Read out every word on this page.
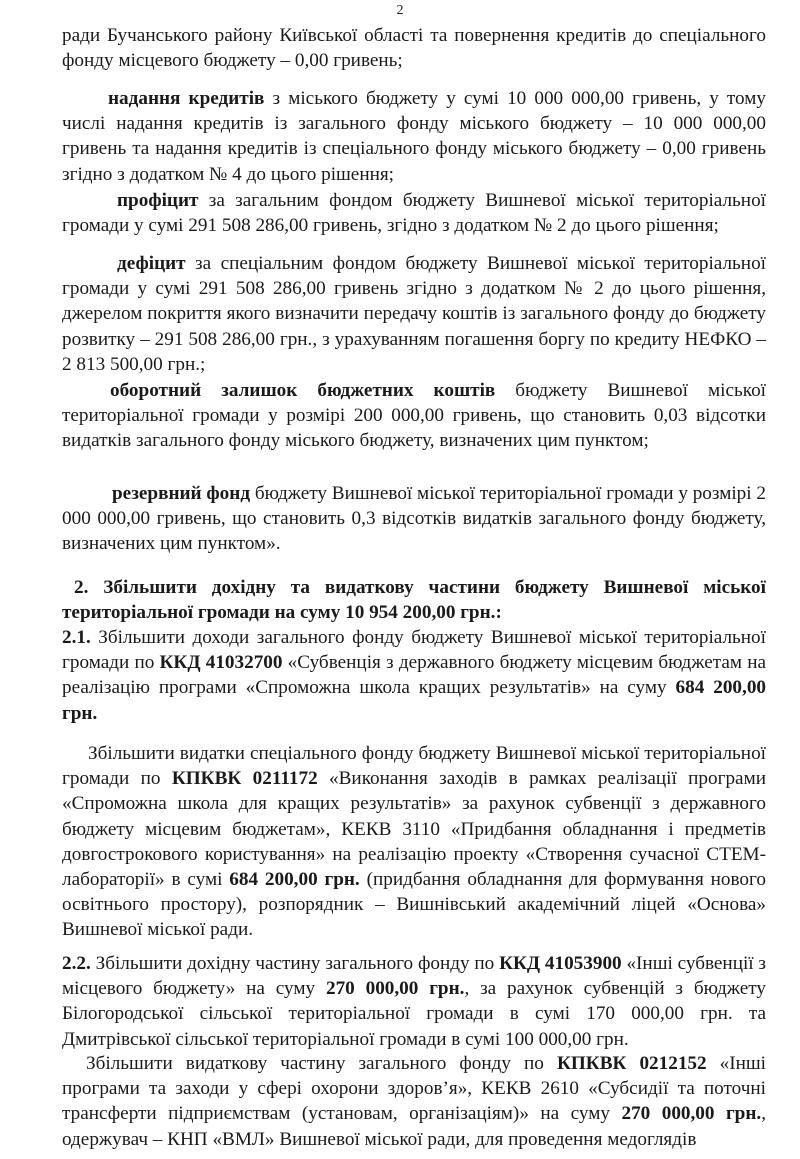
2

ради Бучанського району Київської області та повернення кредитів до спеціального фонду місцевого бюджету – 0,00 гривень;

надання кредитів з міського бюджету у сумі 10 000 000,00 гривень, у тому числі надання кредитів із загального фонду міського бюджету – 10 000 000,00 гривень та надання кредитів із спеціального фонду міського бюджету – 0,00 гривень згідно з додатком № 4 до цього рішення;

профіцит за загальним фондом бюджету Вишневої міської територіальної громади у сумі 291 508 286,00 гривень, згідно з додатком № 2 до цього рішення;

дефіцит за спеціальним фондом бюджету Вишневої міської територіальної громади у сумі 291 508 286,00 гривень згідно з додатком № 2 до цього рішення, джерелом покриття якого визначити передачу коштів із загального фонду до бюджету розвитку – 291 508 286,00 грн., з урахуванням погашення боргу по кредиту НЕФКО – 2 813 500,00 грн.;

оборотний залишок бюджетних коштів бюджету Вишневої міської територіальної громади у розмірі 200 000,00 гривень, що становить 0,03 відсотки видатків загального фонду міського бюджету, визначених цим пунктом;

резервний фонд бюджету Вишневої міської територіальної громади у розмірі 2 000 000,00 гривень, що становить 0,3 відсотків видатків загального фонду бюджету, визначених цим пунктом».

2. Збільшити дохідну та видаткову частини бюджету Вишневої міської територіальної громади на суму 10 954 200,00 грн.:

2.1. Збільшити доходи загального фонду бюджету Вишневої міської територіальної громади по ККД 41032700 «Субвенція з державного бюджету місцевим бюджетам на реалізацію програми «Спроможна школа кращих результатів» на суму 684 200,00 грн.

Збільшити видатки спеціального фонду бюджету Вишневої міської територіальної громади по КПКВК 0211172 «Виконання заходів в рамках реалізації програми «Спроможна школа для кращих результатів» за рахунок субвенції з державного бюджету місцевим бюджетам», КЕКВ 3110 «Придбання обладнання і предметів довгострокового користування» на реалізацію проекту «Створення сучасної СТЕМ-лабораторії» в сумі 684 200,00 грн. (придбання обладнання для формування нового освітнього простору), розпорядник – Вишнівський академічний ліцей «Основа» Вишневої міської ради.

2.2. Збільшити дохідну частину загального фонду по ККД 41053900 «Інші субвенції з місцевого бюджету» на суму 270 000,00 грн., за рахунок субвенцій з бюджету Білогородської сільської територіальної громади в сумі 170 000,00 грн. та Дмитрівської сільської територіальної громади в сумі 100 000,00 грн.

Збільшити видаткову частину загального фонду по КПКВК 0212152 «Інші програми та заходи у сфері охорони здоров’я», КЕКВ 2610 «Субсидії та поточні трансферти підприємствам (установам, організаціям)» на суму 270 000,00 грн., одержувач – КНП «ВМЛ» Вишневої міської ради, для проведення медоглядів
